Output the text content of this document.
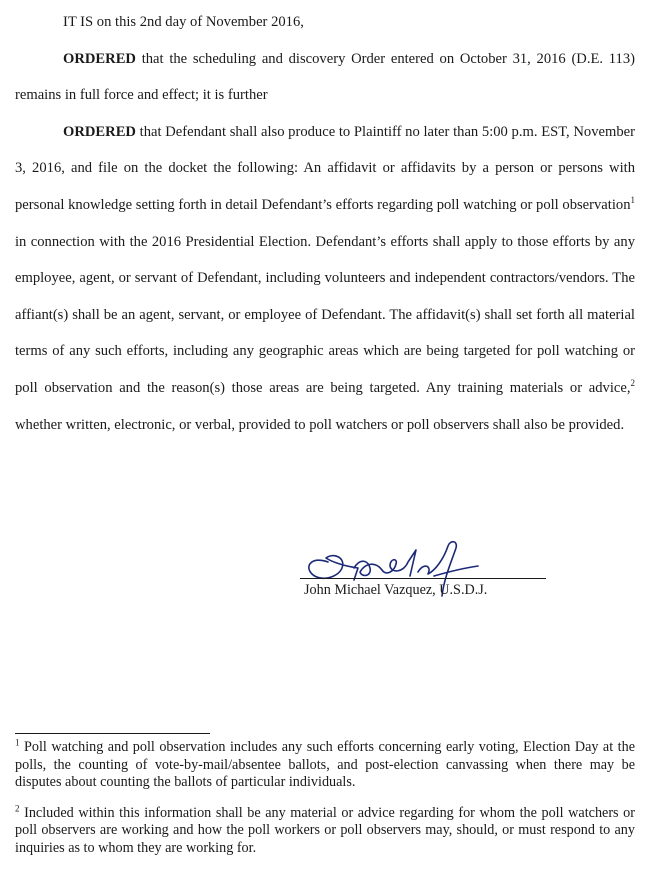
IT IS on this 2nd day of November 2016,

ORDERED that the scheduling and discovery Order entered on October 31, 2016 (D.E. 113) remains in full force and effect; it is further

ORDERED that Defendant shall also produce to Plaintiff no later than 5:00 p.m. EST, November 3, 2016, and file on the docket the following: An affidavit or affidavits by a person or persons with personal knowledge setting forth in detail Defendant’s efforts regarding poll watching or poll observation$^1$ in connection with the 2016 Presidential Election. Defendant’s efforts shall apply to those efforts by any employee, agent, or servant of Defendant, including volunteers and independent contractors/vendors. The affiant(s) shall be an agent, servant, or employee of Defendant. The affidavit(s) shall set forth all material terms of any such efforts, including any geographic areas which are being targeted for poll watching or poll observation and the reason(s) those areas are being targeted. Any training materials or advice,$^2$ whether written, electronic, or verbal, provided to poll watchers or poll observers shall also be provided.

John Michael Vazquez, U.S.D.J.

$^1$ Poll watching and poll observation includes any such efforts concerning early voting, Election Day at the polls, the counting of vote-by-mail/absentee ballots, and post-election canvassing when there may be disputes about counting the ballots of particular individuals.

$^2$ Included within this information shall be any material or advice regarding for whom the poll watchers or poll observers are working and how the poll workers or poll observers may, should, or must respond to any inquiries as to whom they are working for.
